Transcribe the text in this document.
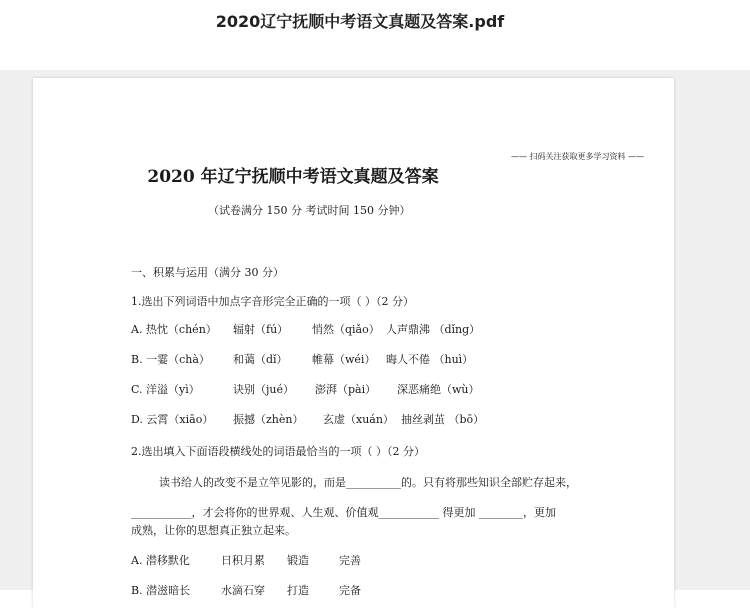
2020辽宁抚顺中考语文真题及答案.pdf
—— 扫码关注获取更多学习资料 ——
2020 年辽宁抚顺中考语文真题及答案
（试卷满分 150 分 考试时间 150 分钟）
一、积累与运用（满分 30 分）
1.选出下列词语中加点字音形完全正确的一项（ ）（2 分）
A. 热忱（chén） 辐射（fú） 悄然（qiǎo） 人声鼎沸 （dǐng）
B. 一霎（chà） 和蔼（dǐ） 帷幕（wéi） 晦人不倦 （huì）
C. 洋溢（yì）	诀别（jué） 澎湃（pài） 深恶痛绝（wù）
D. 云霄（xiāo） 振撼（zhèn） 玄虚（xuán） 抽丝剥茧 （bō）
2.选出填入下面语段横线处的词语最恰当的一项（ ）（2 分）
读书给人的改变不是立竿见影的，而是__________的。只有将那些知识全部贮存起来，
___________，才会将你的世界观、人生观、价值观___________ 得更加 ________，更加
成熟，让你的思想真正独立起来。
A. 潜移默化	日积月累 锻造	完善
B. 潜滋暗长	水滴石穿 打造	完备
